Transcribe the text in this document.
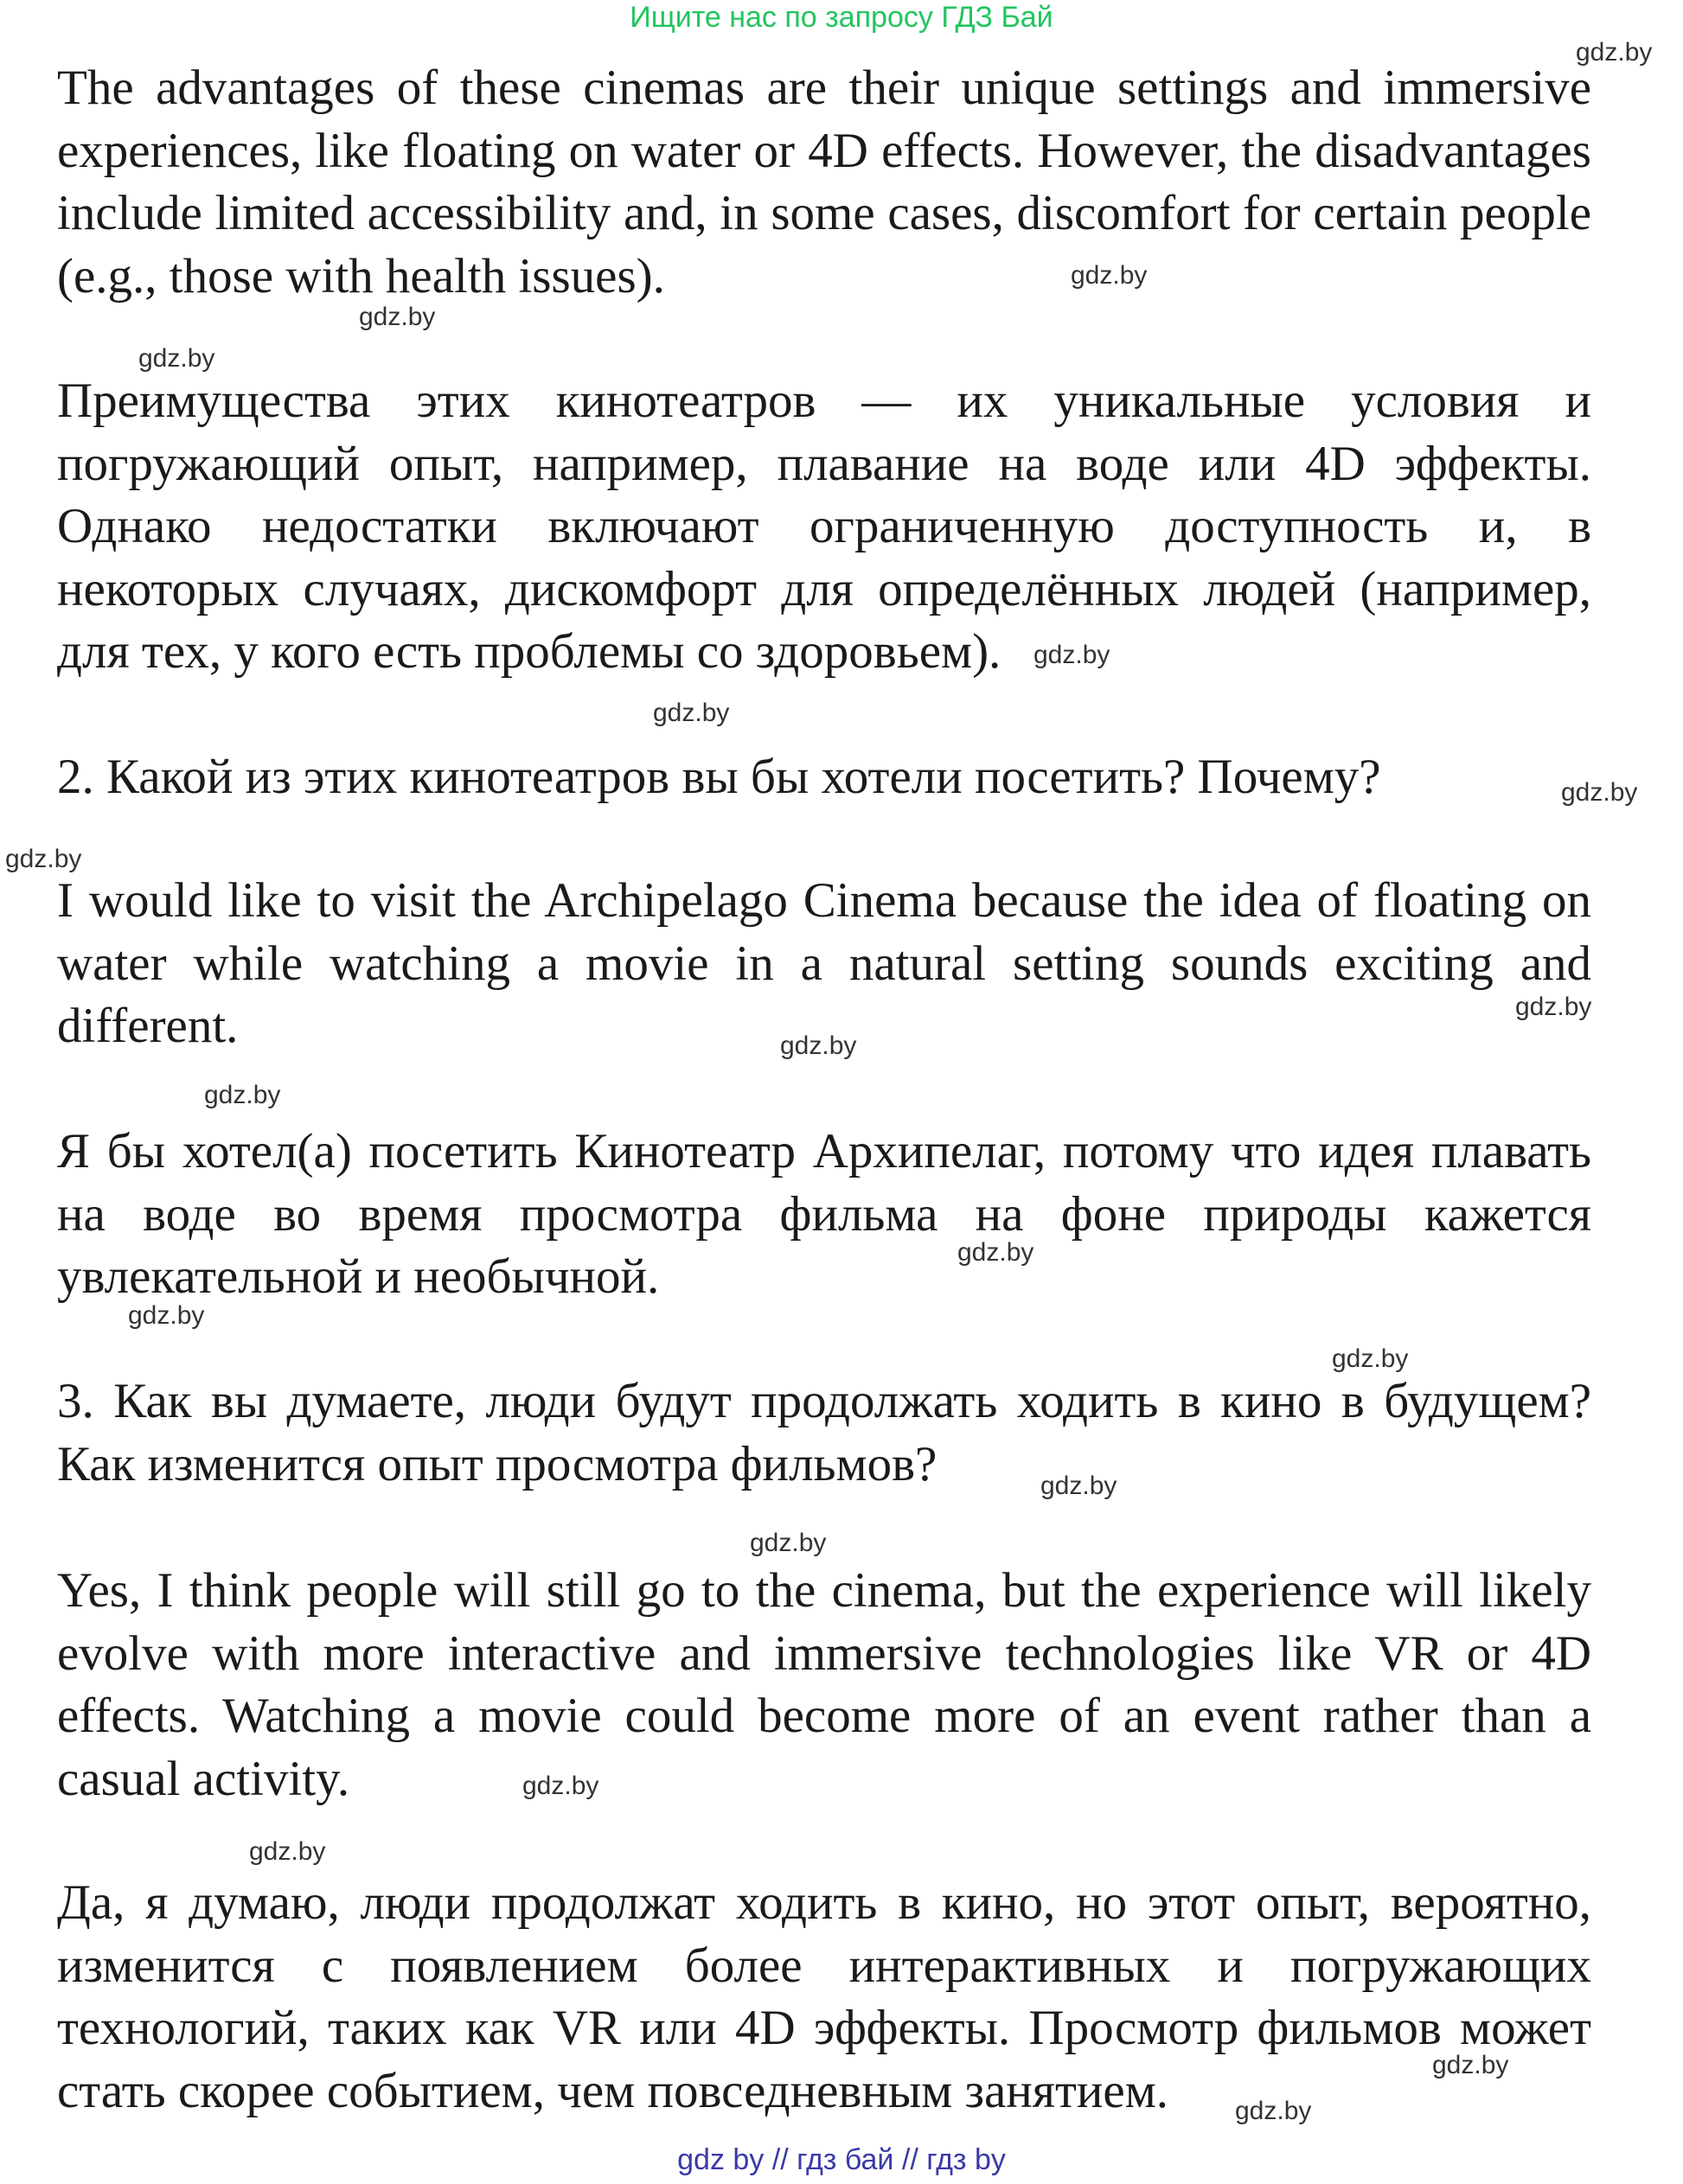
Ищите нас по запросу ГДЗ Бай

The advantages of these cinemas are their unique settings and immersive experiences, like floating on water or 4D effects. However, the disadvantages include limited accessibility and, in some cases, discomfort for certain people (e.g., those with health issues).

Преимущества этих кинотеатров — их уникальные условия и погружающий опыт, например, плавание на воде или 4D эффекты. Однако недостатки включают ограниченную доступность и, в некоторых случаях, дискомфорт для определённых людей (например, для тех, у кого есть проблемы со здоровьем).

2. Какой из этих кинотеатров вы бы хотели посетить? Почему?

I would like to visit the Archipelago Cinema because the idea of floating on water while watching a movie in a natural setting sounds exciting and different.

Я бы хотел(а) посетить Кинотеатр Архипелаг, потому что идея плавать на воде во время просмотра фильма на фоне природы кажется увлекательной и необычной.

3. Как вы думаете, люди будут продолжать ходить в кино в будущем? Как изменится опыт просмотра фильмов?

Yes, I think people will still go to the cinema, but the experience will likely evolve with more interactive and immersive technologies like VR or 4D effects. Watching a movie could become more of an event rather than a casual activity.

Да, я думаю, люди продолжат ходить в кино, но этот опыт, вероятно, изменится с появлением более интерактивных и погружающих технологий, таких как VR или 4D эффекты. Просмотр фильмов может стать скорее событием, чем повседневным занятием.

gdz.by
gdz.by
gdz.by
gdz.by
gdz.by
gdz.by
gdz.by
gdz.by
gdz.by
gdz.by
gdz.by
gdz.by
gdz.by
gdz.by
gdz.by
gdz.by
gdz.by
gdz.by
gdz.by
gdz.by
gdz by // гдз бай // гдз by
